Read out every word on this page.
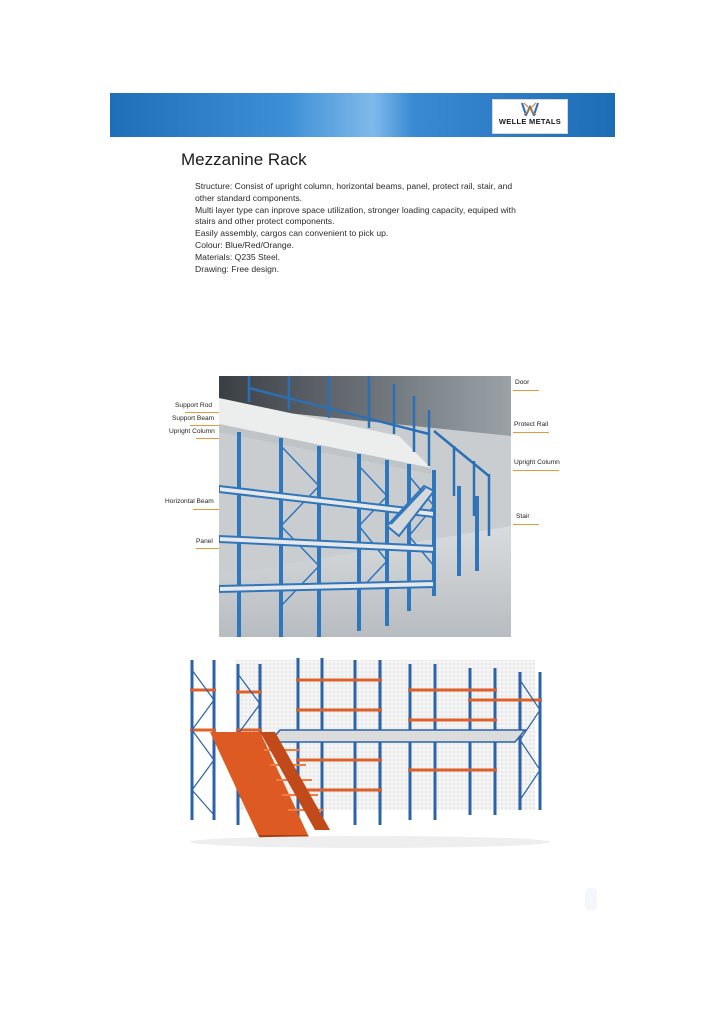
WELLE METALS
Mezzanine Rack

Structure: Consist of upright column, horizontal beams, panel, protect rail, stair, and

other standard components.

Multi layer type can inprove space utilization, stronger loading capacity, equiped with

stairs and other protect components.

Easily assembly, cargos can convenient to pick up.

Colour: Blue/Red/Orange.

Materials: Q235 Steel.

Drawing: Free design.

Support Rod
Support Beam
Upright Column
Horizontal Beam
Panel
Door
Protect Rail
Upright Column
Stair
